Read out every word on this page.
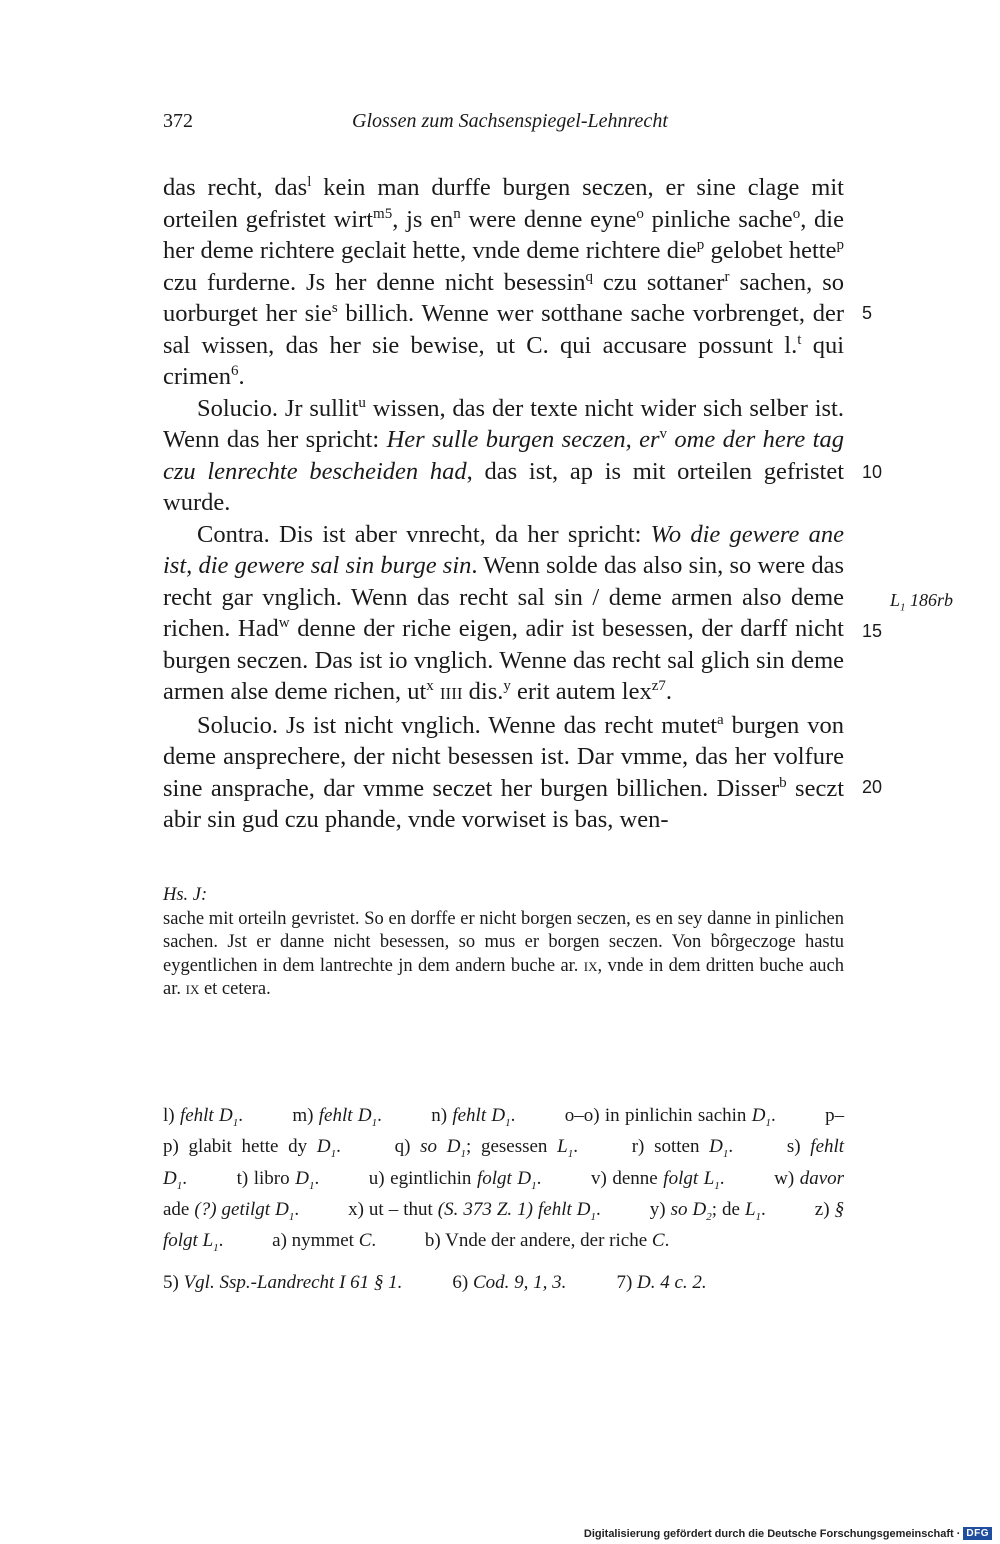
372	Glossen zum Sachsenspiegel-Lehnrecht

das recht, das$^l$ kein man durffe burgen seczen, er sine clage mit orteilen gefristet wirt$^{m5}$, js $en^n$ were denne eyne$^o$ pinliche sache$^o$, die her deme richtere geclait hette, vnde deme richtere die$^p$ gelobet hette$^p$ czu furderne. Js her denne nicht besessin$^q$ czu sottaner$^r$ sachen, so uorburget her sie$^s$ billich. Wenne wer sotthane sache vorbrenget, der sal wissen, das her sie bewise, ut C. qui accusare possunt l.$^t$ qui crimen$^6$.

Solucio. Jr sullit$^u$ wissen, das der texte nicht wider sich selber ist. Wenn das her spricht: Her sulle burgen seczen, $er^v$ ome der here tag czu lenrechte bescheiden had, das ist, ap is mit orteilen gefristet wurde.

Contra. Dis ist aber vnrecht, da her spricht: Wo die gewere ane ist, die gewere sal sin burge sin. Wenn solde das also sin, so were das recht gar vnglich. Wenn das recht sal sin / deme armen also deme richen. Had$^w$ denne der riche eigen, adir ist besessen, der darff nicht burgen seczen. Das ist io vnglich. Wenne das recht sal glich sin deme armen alse deme richen, $ut^x$ IIII dis.$^y$ erit autem lex$^{z7}$.

Solucio. Js ist nicht vnglich. Wenne das recht mutet$^a$ burgen von deme ansprechere, der nicht besessen ist. Dar vmme, das her volfure sine ansprache, dar vmme seczet her burgen billichen. Disser$^b$ seczt abir sin gud czu phande, vnde vorwiset is bas, wen-

5
10
15
20
$L_1$ 186rb
Hs. J:
sache mit orteiln gevristet. So en dorffe er nicht borgen seczen, es en sey danne in pinlichen sachen. Jst er danne nicht besessen, so mus er borgen seczen. Von bôrgeczoge hastu eygentlichen in dem lantrechte jn dem andern buche ar. ix, vnde in dem dritten buche auch ar. ix et cetera.
l) fehlt $D_1$.	m) fehlt $D_1$.	n) fehlt $D_1$.	o–o) in pinlichin sachin $D_1$.	p–p) glabit hette dy $D_1$.	q) so $D_1$; gesessen $L_1$.	r) sotten $D_1$.	s) fehlt $D_1$.	t) libro $D_1$.	u) egintlichin folgt $D_1$.	v) denne folgt $L_1$.	w) davor ade (?) getilgt $D_1$.	x) ut – thut (S. 373 Z. 1) fehlt $D_1$.	y) so $D_2$; de $L_1$.	z) § folgt $L_1$.	a) nymmet C.	b) Vnde der andere, der riche C.
5) Vgl. Ssp.-Landrecht I 61 § 1.	6) Cod. 9, 1, 3.	7) D. 4 c. 2.
Digitalisierung gefördert durch die Deutsche Forschungsgemeinschaft · DFG
